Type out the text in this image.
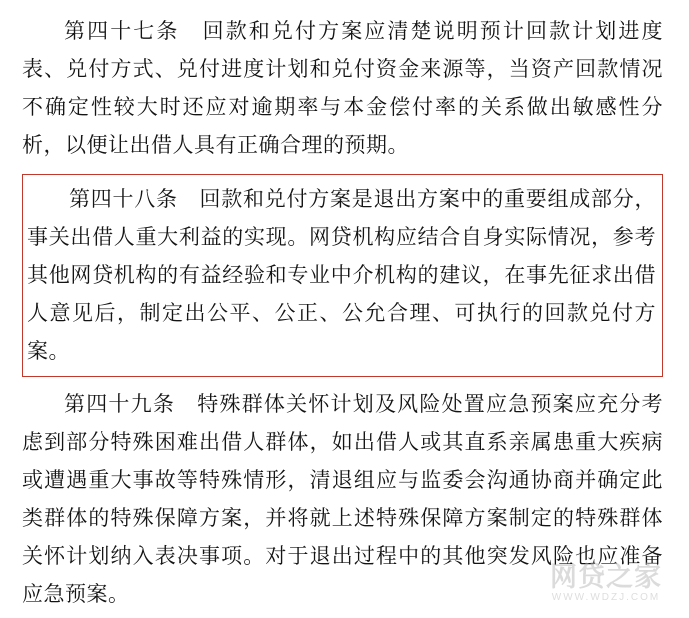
第四十七条　回款和兑付方案应清楚说明预计回款计划进度表、兑付方式、兑付进度计划和兑付资金来源等，当资产回款情况不确定性较大时还应对逾期率与本金偿付率的关系做出敏感性分析，以便让出借人具有正确合理的预期。

第四十八条　回款和兑付方案是退出方案中的重要组成部分，事关出借人重大利益的实现。网贷机构应结合自身实际情况，参考其他网贷机构的有益经验和专业中介机构的建议，在事先征求出借人意见后，制定出公平、公正、公允合理、可执行的回款兑付方案。

第四十九条　特殊群体关怀计划及风险处置应急预案应充分考虑到部分特殊困难出借人群体，如出借人或其直系亲属患重大疾病或遭遇重大事故等特殊情形，清退组应与监委会沟通协商并确定此类群体的特殊保障方案，并将就上述特殊保障方案制定的特殊群体关怀计划纳入表决事项。对于退出过程中的其他突发风险也应准备应急预案。

网贷之家
WWW.WDZJ.COM
